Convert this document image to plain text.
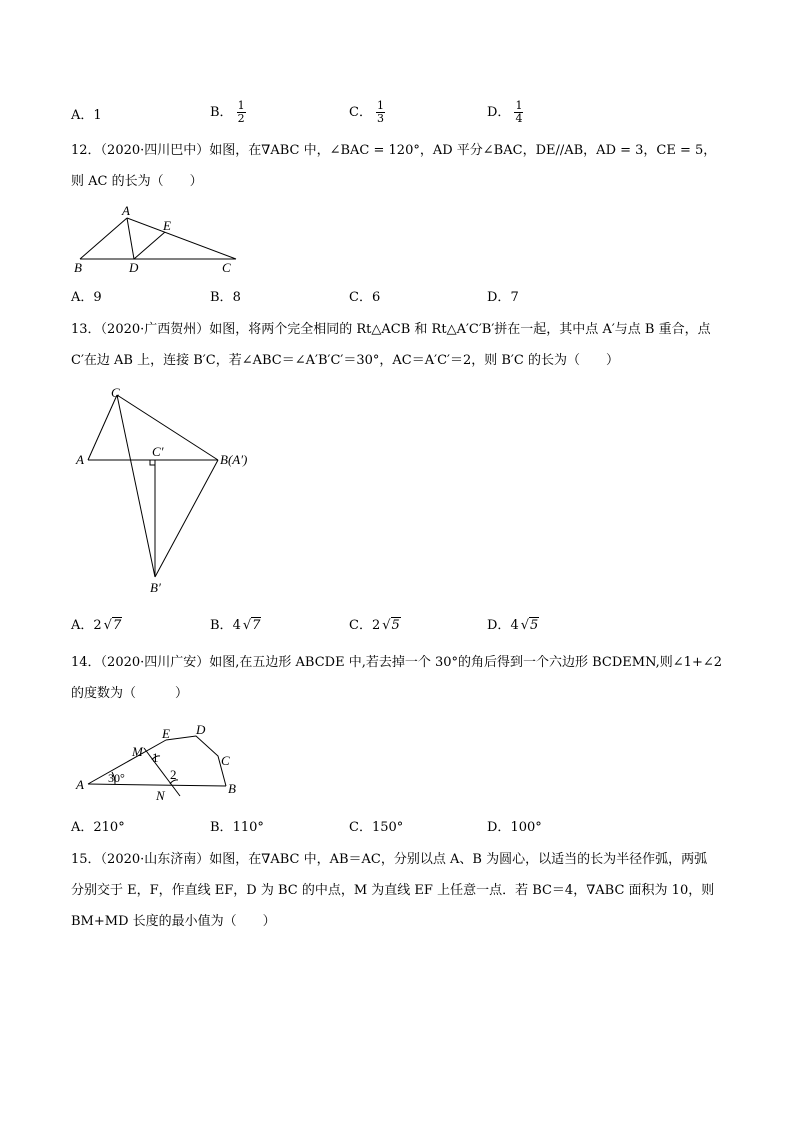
A．1	B． $\frac{1}{2}$	C． $\frac{1}{3}$	D． $\frac{1}{4}$
12．（2020·四川巴中）如图，在∇ABC 中，∠BAC = 120°，AD 平分∠BAC，DE//AB，AD = 3，CE = 5，
则 AC 的长为（　　）
A
B	D	C
E
A．9	B．8	C．6	D．7
13．（2020·广西贺州）如图，将两个完全相同的 Rt△ACB 和 Rt△A′C′B′拼在一起，其中点 A′与点 B 重合，点
C′在边 AB 上，连接 B′C，若∠ABC＝∠A′B′C′＝30°，AC＝A′C′＝2，则 B′C 的长为（　　）
C
A
C′
B(A′)
B′
A．2 √7	B．4 √7	C．2 √5	D．4 √5
14．（2020·四川广安）如图,在五边形 ABCDE 中,若去掉一个 30°的角后得到一个六边形 BCDEMN,则∠1+∠2
的度数为（　　　）
A	B
C
D
E
M
N
1
2
30°
A．210°	B．110°	C．150°	D．100°
15．（2020·山东济南）如图，在∇ABC 中，AB＝AC，分别以点 A、B 为圆心，以适当的长为半径作弧，两弧
分别交于 E，F，作直线 EF，D 为 BC 的中点，M 为直线 EF 上任意一点．若 BC＝4，∇ABC 面积为 10，则
BM+MD 长度的最小值为（　　）
